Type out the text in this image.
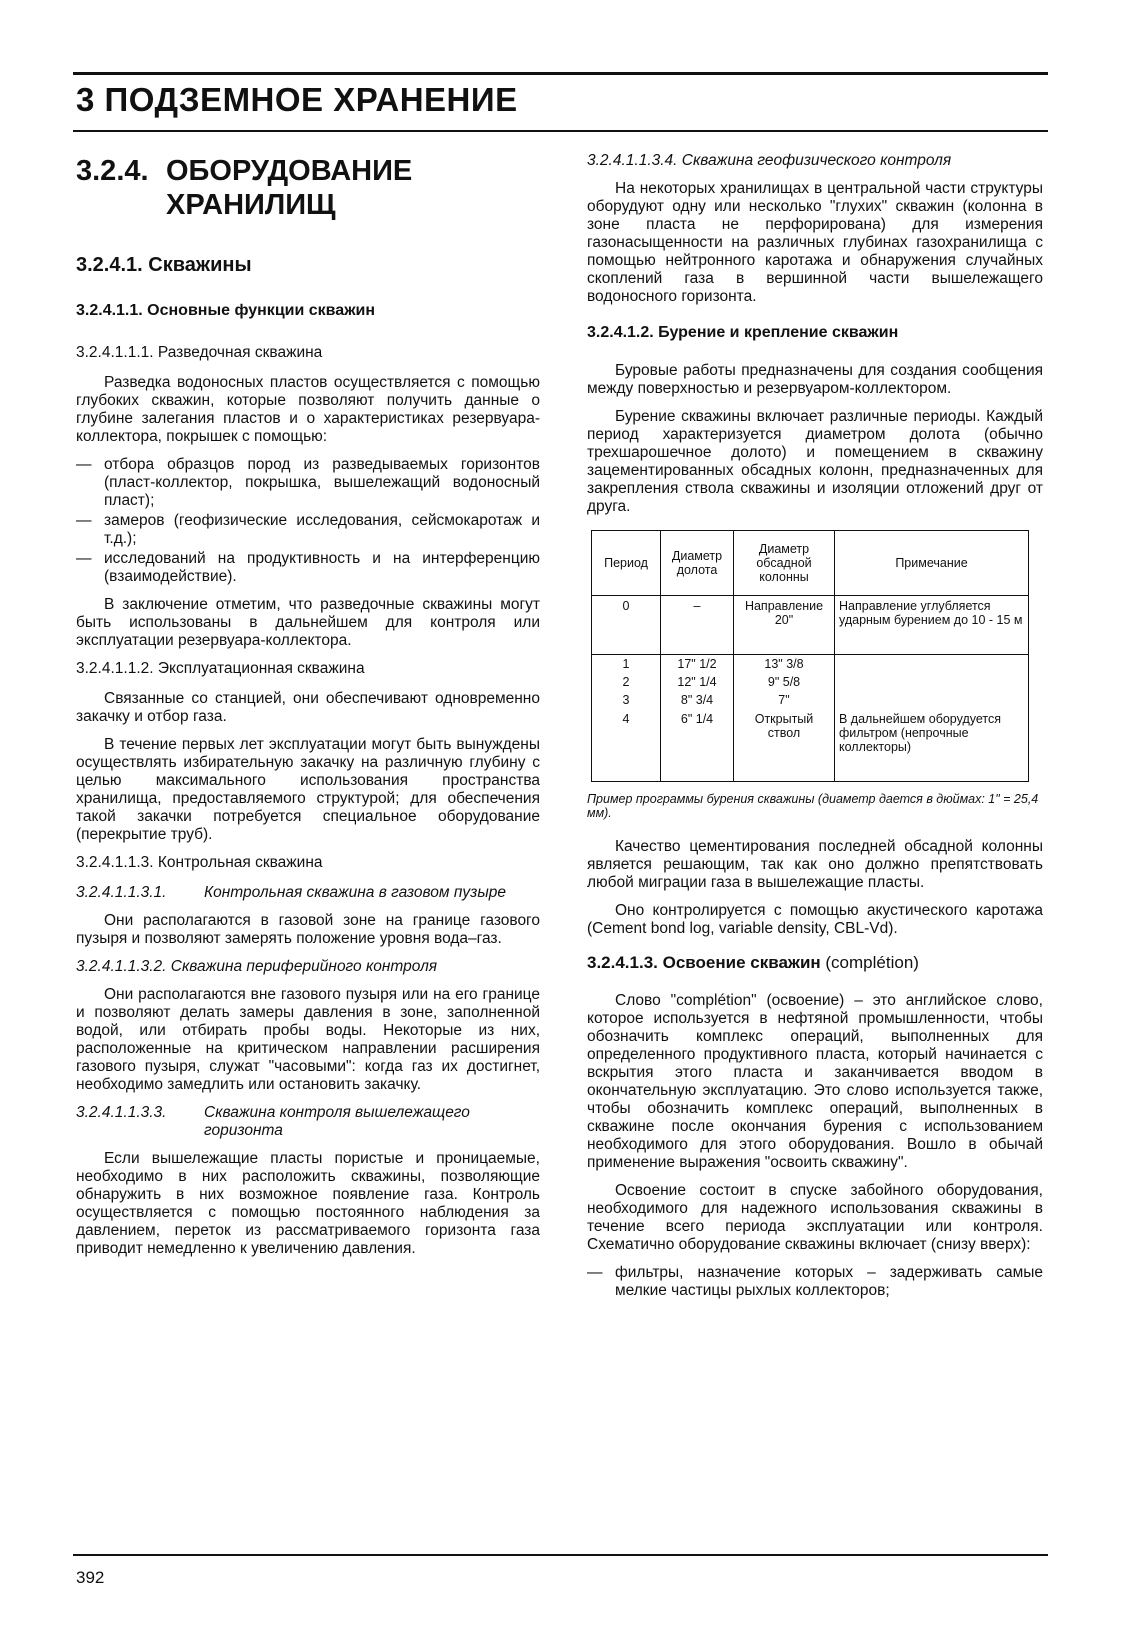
3 ПОДЗЕМНОЕ ХРАНЕНИЕ
3.2.4. ОБОРУДОВАНИЕ ХРАНИЛИЩ
3.2.4.1. Скважины
3.2.4.1.1. Основные функции скважин
3.2.4.1.1.1. Разведочная скважина

Разведка водоносных пластов осуществляется с помощью глубоких скважин, которые позволяют получить данные о глубине залегания пластов и о характеристиках резервуара-коллектора, покрышек с помощью:

— отбора образцов пород из разведываемых горизонтов (пласт-коллектор, покрышка, вышележащий водоносный пласт);
— замеров (геофизические исследования, сейсмокаротаж и т.д.);
— исследований на продуктивность и на интерференцию (взаимодействие).

В заключение отметим, что разведочные скважины могут быть использованы в дальнейшем для контроля или эксплуатации резервуара-коллектора.

3.2.4.1.1.2. Эксплуатационная скважина

Связанные со станцией, они обеспечивают одновременно закачку и отбор газа.

В течение первых лет эксплуатации могут быть вынуждены осуществлять избирательную закачку на различную глубину с целью максимального использования пространства хранилища, предоставляемого структурой; для обеспечения такой закачки потребуется специальное оборудование (перекрытие труб).

3.2.4.1.1.3. Контрольная скважина
3.2.4.1.1.3.1.	Контрольная скважина в газовом пузыре

Они располагаются в газовой зоне на границе газового пузыря и позволяют замерять положение уровня вода–газ.

3.2.4.1.1.3.2. Скважина периферийного контроля

Они располагаются вне газового пузыря или на его границе и позволяют делать замеры давления в зоне, заполненной водой, или отбирать пробы воды. Некоторые из них, расположенные на критическом направлении расширения газового пузыря, служат "часовыми": когда газ их достигнет, необходимо замедлить или остановить закачку.

3.2.4.1.1.3.3.	Скважина контроля вышележащего горизонта

Если вышележащие пласты пористые и проницаемые, необходимо в них расположить скважины, позволяющие обнаружить в них возможное появление газа. Контроль осуществляется с помощью постоянного наблюдения за давлением, переток из рассматриваемого горизонта газа приводит немедленно к увеличению давления.

3.2.4.1.1.3.4. Скважина геофизического контроля

На некоторых хранилищах в центральной части структуры оборудуют одну или несколько "глухих" скважин (колонна в зоне пласта не перфорирована) для измерения газонасыщенности на различных глубинах газохранилища с помощью нейтронного каротажа и обнаружения случайных скоплений газа в вершинной части вышележащего водоносного горизонта.

3.2.4.1.2. Бурение и крепление скважин

Буровые работы предназначены для создания сообщения между поверхностью и резервуаром-коллектором.

Бурение скважины включает различные периоды. Каждый период характеризуется диаметром долота (обычно трехшарошечное долото) и помещением в скважину зацементированных обсадных колонн, предназначенных для закрепления ствола скважины и изоляции отложений друг от друга.

Период	Диаметр долота	Диаметр обсадной колонны	Примечание
0	–	Направление 20"	Направление углубляется ударным бурением до 10 - 15 м
1	17" 1/2	13" 3/8	
2	12" 1/4	9" 5/8	
3	8" 3/4	7"	
4	6" 1/4	Открытый ствол	В дальнейшем оборудуется фильтром (непрочные коллекторы)
Пример программы бурения скважины (диаметр дается в дюймах: 1" = 25,4 мм).

Качество цементирования последней обсадной колонны является решающим, так как оно должно препятствовать любой миграции газа в вышележащие пласты.

Оно контролируется с помощью акустического каротажа (Cement bond log, variable density, CBL-Vd).

3.2.4.1.3. Освоение скважин (complétion)

Слово "complétion" (освоение) – это английское слово, которое используется в нефтяной промышленности, чтобы обозначить комплекс операций, выполненных для определенного продуктивного пласта, который начинается с вскрытия этого пласта и заканчивается вводом в окончательную эксплуатацию. Это слово используется также, чтобы обозначить комплекс операций, выполненных в скважине после окончания бурения с использованием необходимого для этого оборудования. Вошло в обычай применение выражения "освоить скважину".

Освоение состоит в спуске забойного оборудования, необходимого для надежного использования скважины в течение всего периода эксплуатации или контроля. Схематично оборудование скважины включает (снизу вверх):

— фильтры, назначение которых – задерживать самые мелкие частицы рыхлых коллекторов;
392
